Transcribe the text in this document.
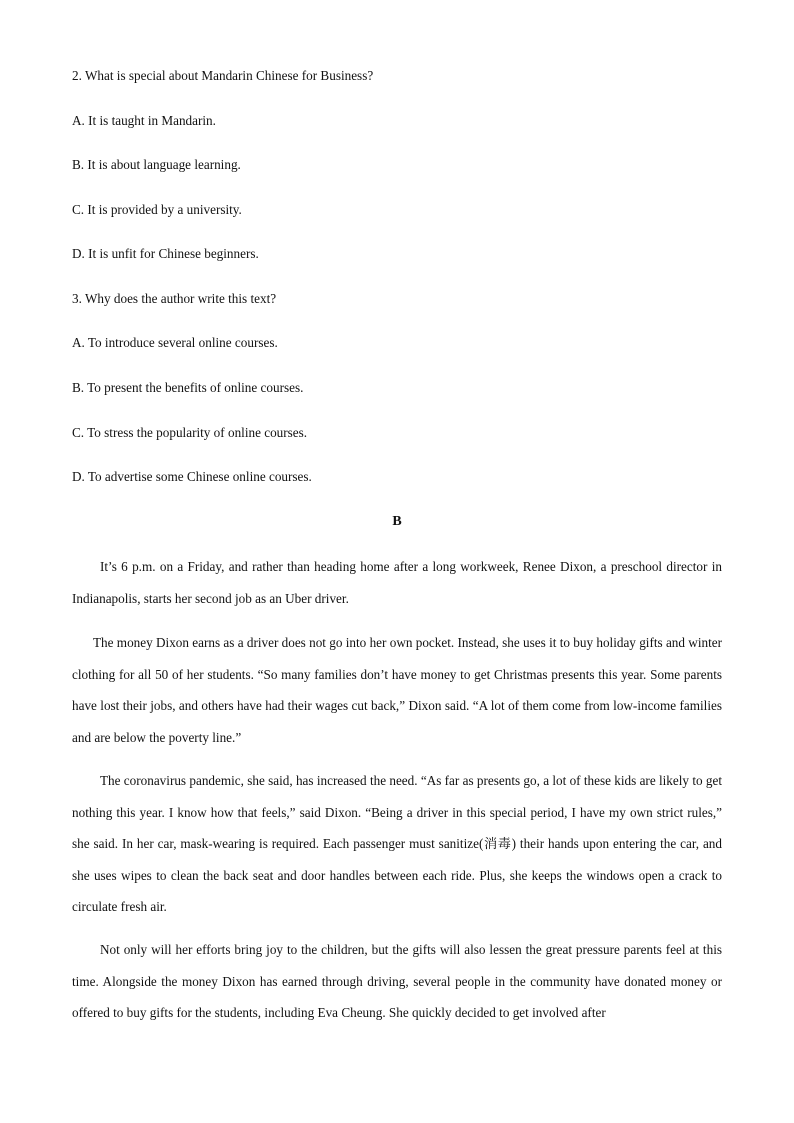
2. What is special about Mandarin Chinese for Business?
A. It is taught in Mandarin.
B. It is about language learning.
C. It is provided by a university.
D. It is unfit for Chinese beginners.
3. Why does the author write this text?
A. To introduce several online courses.
B. To present the benefits of online courses.
C. To stress the popularity of online courses.
D. To advertise some Chinese online courses.
B

It’s 6 p.m. on a Friday, and rather than heading home after a long workweek, Renee Dixon, a preschool director in Indianapolis, starts her second job as an Uber driver.

The money Dixon earns as a driver does not go into her own pocket. Instead, she uses it to buy holiday gifts and winter clothing for all 50 of her students. “So many families don’t have money to get Christmas presents this year. Some parents have lost their jobs, and others have had their wages cut back,” Dixon said. “A lot of them come from low-income families and are below the poverty line.”

The coronavirus pandemic, she said, has increased the need. “As far as presents go, a lot of these kids are likely to get nothing this year. I know how that feels,” said Dixon. “Being a driver in this special period, I have my own strict rules,” she said. In her car, mask-wearing is required. Each passenger must sanitize(消毒) their hands upon entering the car, and she uses wipes to clean the back seat and door handles between each ride. Plus, she keeps the windows open a crack to circulate fresh air.

Not only will her efforts bring joy to the children, but the gifts will also lessen the great pressure parents feel at this time. Alongside the money Dixon has earned through driving, several people in the community have donated money or offered to buy gifts for the students, including Eva Cheung. She quickly decided to get involved after
